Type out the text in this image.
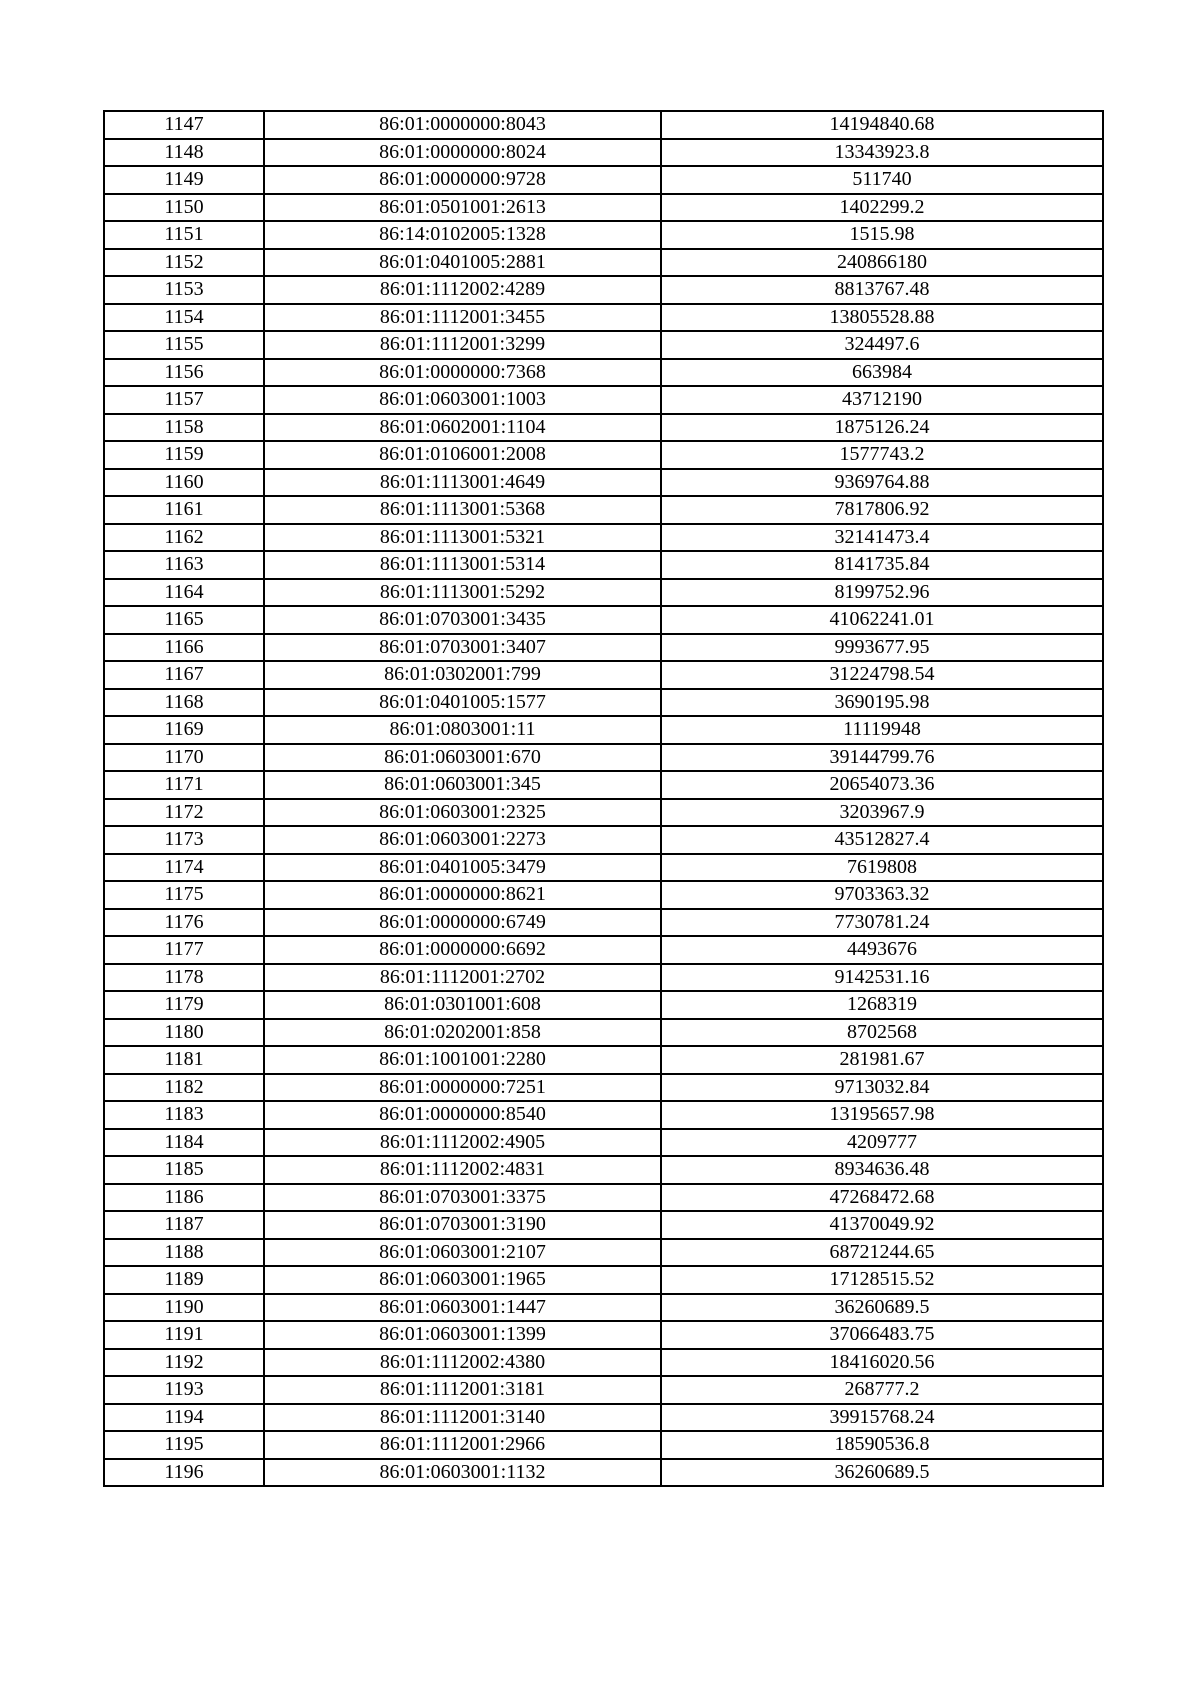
1147	86:01:0000000:8043	14194840.68
1148	86:01:0000000:8024	13343923.8
1149	86:01:0000000:9728	511740
1150	86:01:0501001:2613	1402299.2
1151	86:14:0102005:1328	1515.98
1152	86:01:0401005:2881	240866180
1153	86:01:1112002:4289	8813767.48
1154	86:01:1112001:3455	13805528.88
1155	86:01:1112001:3299	324497.6
1156	86:01:0000000:7368	663984
1157	86:01:0603001:1003	43712190
1158	86:01:0602001:1104	1875126.24
1159	86:01:0106001:2008	1577743.2
1160	86:01:1113001:4649	9369764.88
1161	86:01:1113001:5368	7817806.92
1162	86:01:1113001:5321	32141473.4
1163	86:01:1113001:5314	8141735.84
1164	86:01:1113001:5292	8199752.96
1165	86:01:0703001:3435	41062241.01
1166	86:01:0703001:3407	9993677.95
1167	86:01:0302001:799	31224798.54
1168	86:01:0401005:1577	3690195.98
1169	86:01:0803001:11	11119948
1170	86:01:0603001:670	39144799.76
1171	86:01:0603001:345	20654073.36
1172	86:01:0603001:2325	3203967.9
1173	86:01:0603001:2273	43512827.4
1174	86:01:0401005:3479	7619808
1175	86:01:0000000:8621	9703363.32
1176	86:01:0000000:6749	7730781.24
1177	86:01:0000000:6692	4493676
1178	86:01:1112001:2702	9142531.16
1179	86:01:0301001:608	1268319
1180	86:01:0202001:858	8702568
1181	86:01:1001001:2280	281981.67
1182	86:01:0000000:7251	9713032.84
1183	86:01:0000000:8540	13195657.98
1184	86:01:1112002:4905	4209777
1185	86:01:1112002:4831	8934636.48
1186	86:01:0703001:3375	47268472.68
1187	86:01:0703001:3190	41370049.92
1188	86:01:0603001:2107	68721244.65
1189	86:01:0603001:1965	17128515.52
1190	86:01:0603001:1447	36260689.5
1191	86:01:0603001:1399	37066483.75
1192	86:01:1112002:4380	18416020.56
1193	86:01:1112001:3181	268777.2
1194	86:01:1112001:3140	39915768.24
1195	86:01:1112001:2966	18590536.8
1196	86:01:0603001:1132	36260689.5
